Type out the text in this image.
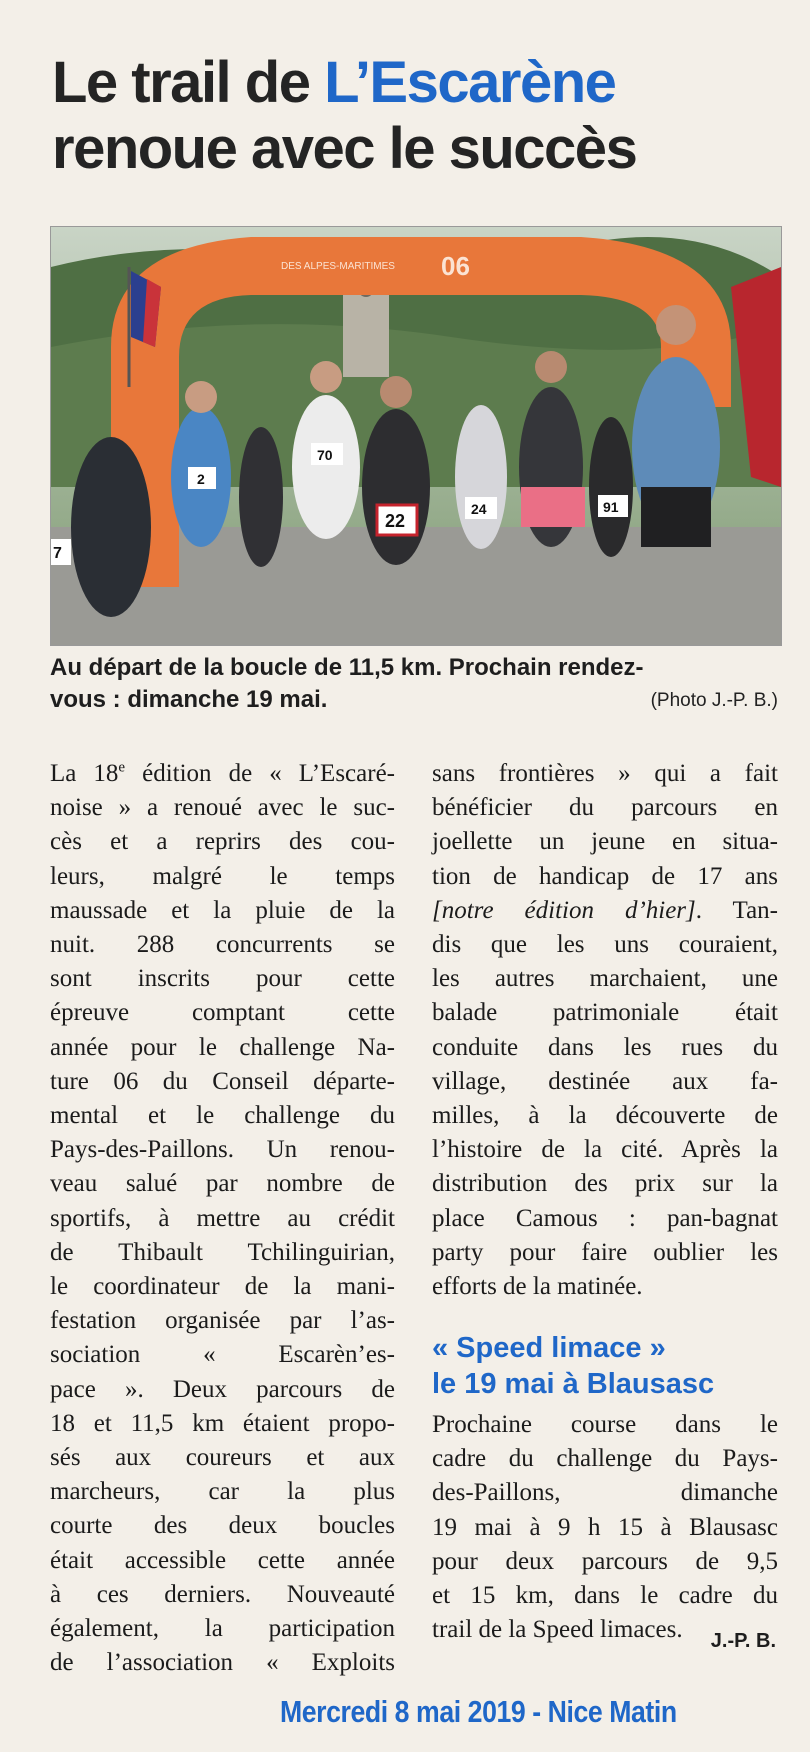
Le trail de L’Escarène
renoue avec le succès
DES ALPES-MARITIMES 06
2
70
22
24	91
7
Au départ de la boucle de 11,5 km. Prochain rendez-
vous : dimanche 19 mai.	(Photo J.-P. B.)
La 18e édition de « L’Escaré-
noise » a renoué avec le suc-
cès et a reprirs des cou-
leurs, malgré le temps
maussade et la pluie de la
nuit. 288 concurrents se
sont inscrits pour cette
épreuve comptant cette
année pour le challenge Na-
ture 06 du Conseil départe-
mental et le challenge du
Pays-des-Paillons. Un renou-
veau salué par nombre de
sportifs, à mettre au crédit
de Thibault Tchilinguirian,
le coordinateur de la mani-
festation organisée par l’as-
sociation « Escarèn’es-
pace ». Deux parcours de
18 et 11,5 km étaient propo-
sés aux coureurs et aux
marcheurs, car la plus
courte des deux boucles
était accessible cette année
à ces derniers. Nouveauté
également, la participation
de l’association « Exploits
sans frontières » qui a fait
bénéficier du parcours en
joellette un jeune en situa-
tion de handicap de 17 ans
[notre édition d’hier]. Tan-
dis que les uns couraient,
les autres marchaient, une
balade patrimoniale était
conduite dans les rues du
village, destinée aux fa-
milles, à la découverte de
l’histoire de la cité. Après la
distribution des prix sur la
place Camous : pan-bagnat
party pour faire oublier les
efforts de la matinée.
« Speed limace »
le 19 mai à Blausasc
Prochaine course dans le
cadre du challenge du Pays-
des-Paillons, dimanche
19 mai à 9 h 15 à Blausasc
pour deux parcours de 9,5
et 15 km, dans le cadre du
trail de la Speed limaces.	J.-P. B.
Mercredi 8 mai 2019 - Nice Matin
